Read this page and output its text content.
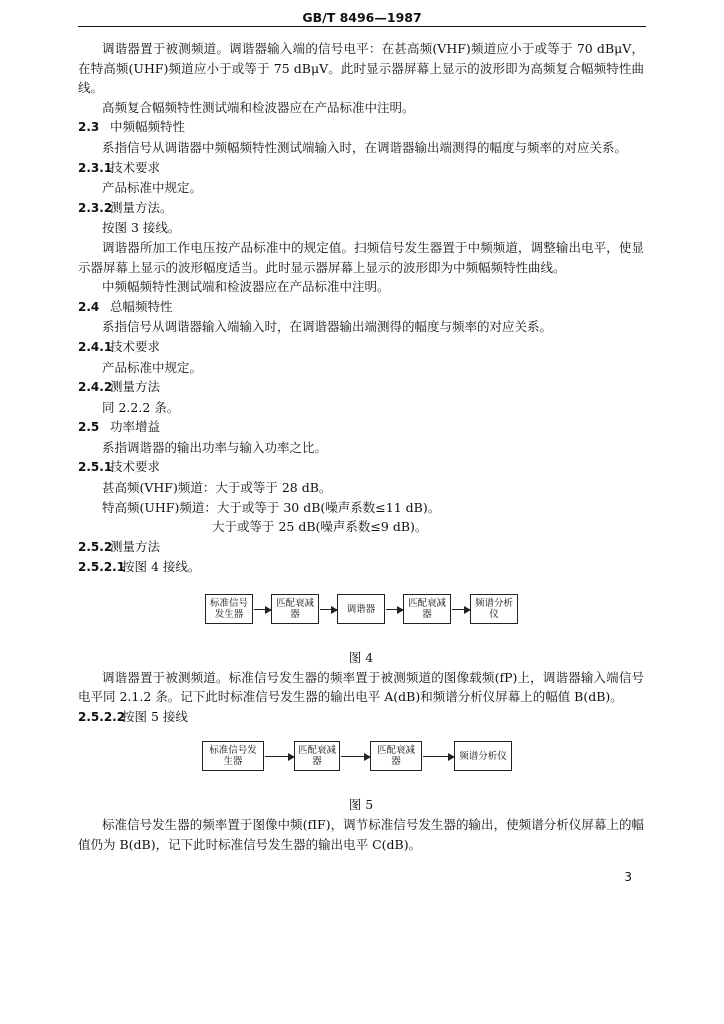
GB/T 8496—1987

调谐器置于被测频道。调谐器输入端的信号电平：在甚高频(VHF)频道应小于或等于 70 dBμV，在特高频(UHF)频道应小于或等于 75 dBμV。此时显示器屏幕上显示的波形即为高频复合幅频特性曲线。

高频复合幅频特性测试端和检波器应在产品标准中注明。

2.3 中频幅频特性

系指信号从调谐器中频幅频特性测试端输入时，在调谐器输出端测得的幅度与频率的对应关系。

2.3.1技术要求

产品标准中规定。

2.3.2测量方法。

按图 3 接线。

调谐器所加工作电压按产品标准中的规定值。扫频信号发生器置于中频频道，调整输出电平，使显示器屏幕上显示的波形幅度适当。此时显示器屏幕上显示的波形即为中频幅频特性曲线。

中频幅频特性测试端和检波器应在产品标准中注明。

2.4 总幅频特性

系指信号从调谐器输入端输入时，在调谐器输出端测得的幅度与频率的对应关系。

2.4.1技术要求

产品标准中规定。

2.4.2测量方法

同 2.2.2 条。

2.5 功率增益

系指调谐器的输出功率与输入功率之比。

2.5.1技术要求

甚高频(VHF)频道：大于或等于 28 dB。

特高频(UHF)频道：大于或等于 30 dB(噪声系数≤11 dB)。

大于或等于 25 dB(噪声系数≤9 dB)。

2.5.2测量方法

2.5.2.1按图 4 接线。

标准信号发生器
匹配衰减器	调谐器	匹配衰减器
频谱分析仪

图 4

调谐器置于被测频道。标准信号发生器的频率置于被测频道的图像载频(fP)上，调谐器输入端信号电平同 2.1.2 条。记下此时标准信号发生器的输出电平 A(dB)和频谱分析仪屏幕上的幅值 B(dB)。

2.5.2.2按图 5 接线

标准信号发生器
匹配衰减器
匹配衰减器	频谱分析仪

图 5

标准信号发生器的频率置于图像中频(fIF)，调节标准信号发生器的输出，使频谱分析仪屏幕上的幅值仍为 B(dB)，记下此时标准信号发生器的输出电平 C(dB)。

3
